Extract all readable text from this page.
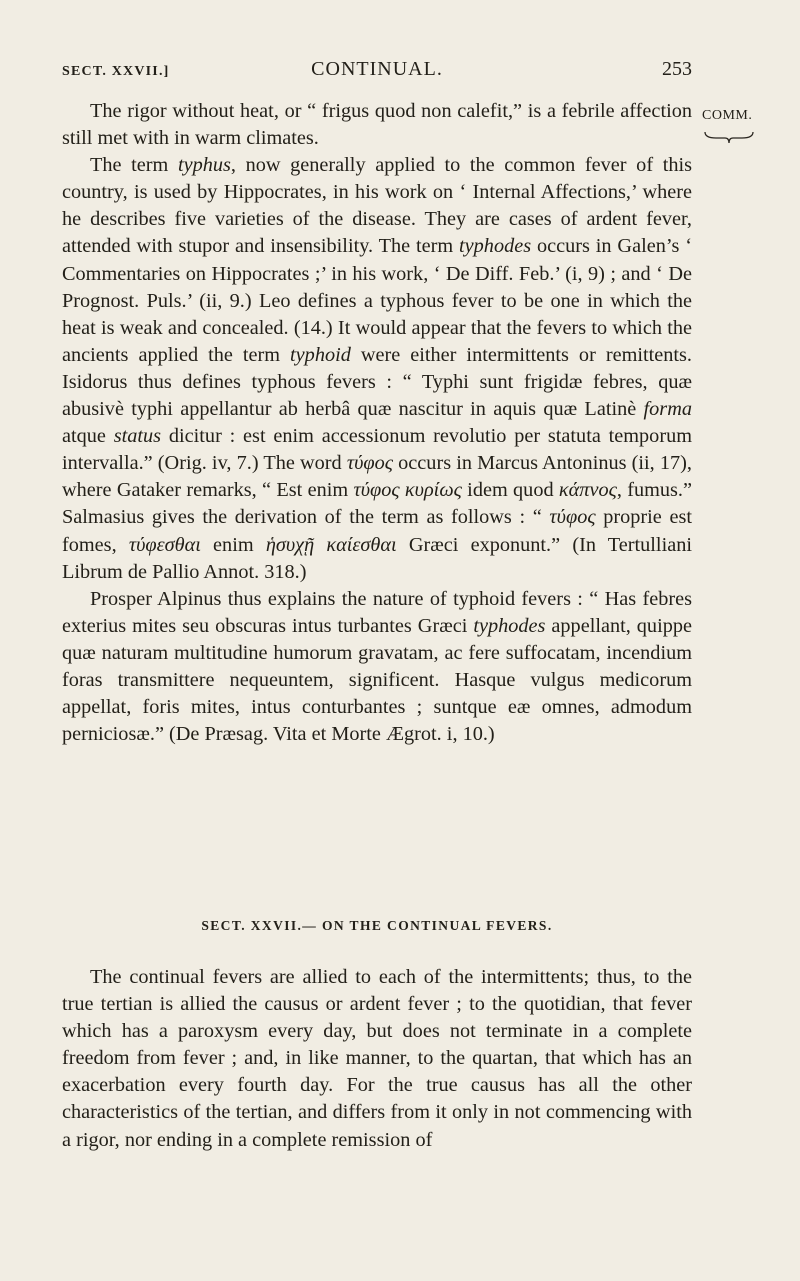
SECT. XXVII.]	CONTINUAL.	253
COMM.

The rigor without heat, or “ frigus quod non calefit,” is a febrile affection still met with in warm climates.

The term typhus, now generally applied to the common fever of this country, is used by Hippocrates, in his work on ‘ Internal Affections,’ where he describes five varieties of the disease. They are cases of ardent fever, attended with stupor and insensibility. The term typhodes occurs in Galen’s ‘ Commentaries on Hippocrates ;’ in his work, ‘ De Diff. Feb.’ (i, 9) ; and ‘ De Prognost. Puls.’ (ii, 9.) Leo defines a typhous fever to be one in which the heat is weak and concealed. (14.) It would appear that the fevers to which the ancients applied the term typhoid were either intermittents or remittents. Isidorus thus defines typhous fevers : “ Typhi sunt frigidæ febres, quæ abusivè typhi appellantur ab herbâ quæ nascitur in aquis quæ Latinè forma atque status dicitur : est enim accessionum revolutio per statuta temporum intervalla.” (Orig. iv, 7.) The word τύφος occurs in Marcus Antoninus (ii, 17), where Gataker remarks, “ Est enim τύφος κυρίως idem quod κάπνος, fumus.” Salmasius gives the derivation of the term as follows : “ τύφος proprie est fomes, τύφεσθαι enim ἡσυχῇ καίεσθαι Græci exponunt.” (In Tertulliani Librum de Pallio Annot. 318.)

Prosper Alpinus thus explains the nature of typhoid fevers : “ Has febres exterius mites seu obscuras intus turbantes Græci typhodes appellant, quippe quæ naturam multitudine humorum gravatam, ac fere suffocatam, incendium foras transmittere nequeuntem, significent. Hasque vulgus medicorum appellat, foris mites, intus conturbantes ; suntque eæ omnes, admodum perniciosæ.” (De Præsag. Vita et Morte Ægrot. i, 10.)

SECT. XXVII.— ON THE CONTINUAL FEVERS.

The continual fevers are allied to each of the intermittents; thus, to the true tertian is allied the causus or ardent fever ; to the quotidian, that fever which has a paroxysm every day, but does not terminate in a complete freedom from fever ; and, in like manner, to the quartan, that which has an exacerbation every fourth day. For the true causus has all the other characteristics of the tertian, and differs from it only in not commencing with a rigor, nor ending in a complete remission of
